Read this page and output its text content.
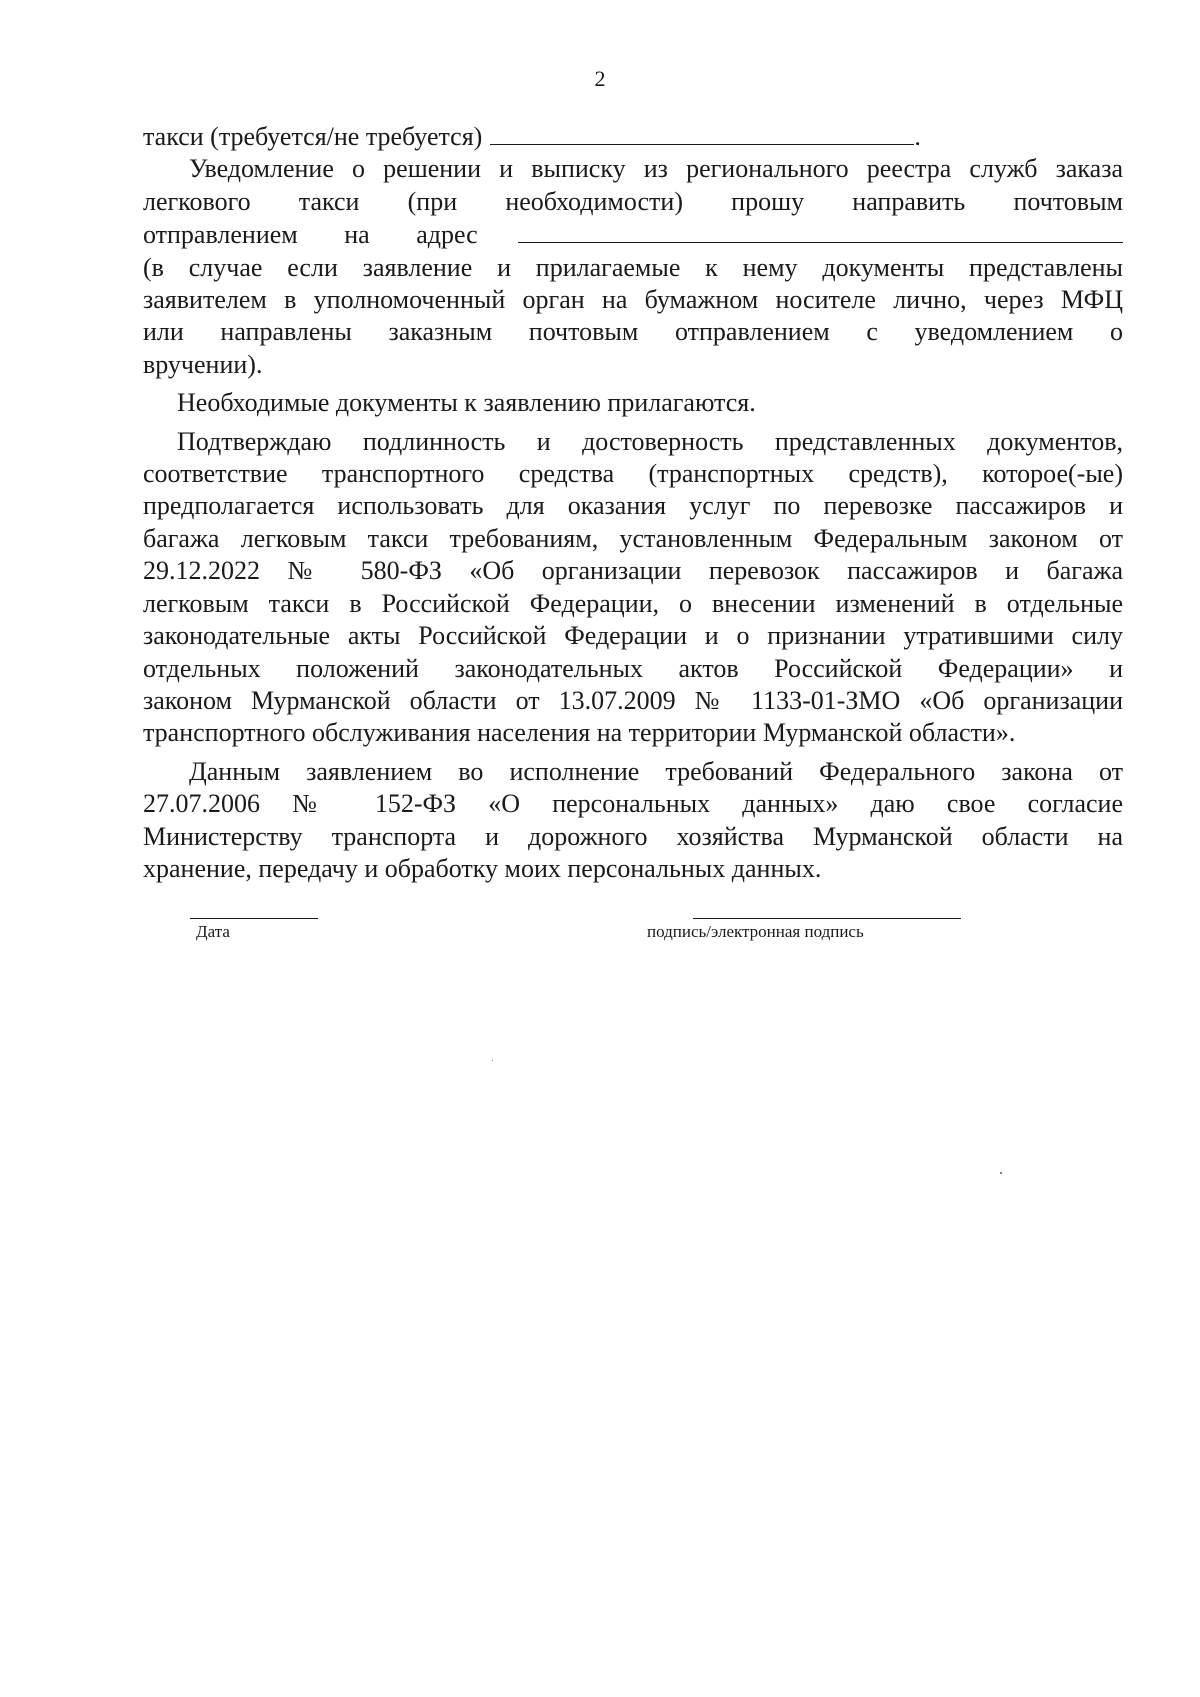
2
такси (требуется/не требуется)	.
Уведомление о решении и выписку из регионального реестра служб заказа
легкового такси (при необходимости) прошу направить почтовым
отправлением на адрес
(в случае если заявление и прилагаемые к нему документы представлены
заявителем в уполномоченный орган на бумажном носителе лично, через МФЦ
или направлены заказным почтовым отправлением с уведомлением о
вручении).
Необходимые документы к заявлению прилагаются.
Подтверждаю подлинность и достоверность представленных документов,
соответствие транспортного средства (транспортных средств), которое(-ые)
предполагается использовать для оказания услуг по перевозке пассажиров и
багажа легковым такси требованиям, установленным Федеральным законом от
29.12.2022 № 580-ФЗ «Об организации перевозок пассажиров и багажа
легковым такси в Российской Федерации, о внесении изменений в отдельные
законодательные акты Российской Федерации и о признании утратившими силу
отдельных положений законодательных актов Российской Федерации» и
законом Мурманской области от 13.07.2009 № 1133-01-ЗМО «Об организации
транспортного обслуживания населения на территории Мурманской области».
Данным заявлением во исполнение требований Федерального закона от
27.07.2006 № 152-ФЗ «О персональных данных» даю свое согласие
Министерству транспорта и дорожного хозяйства Мурманской области на
хранение, передачу и обработку моих персональных данных.
Дата	подпись/электронная подпись
